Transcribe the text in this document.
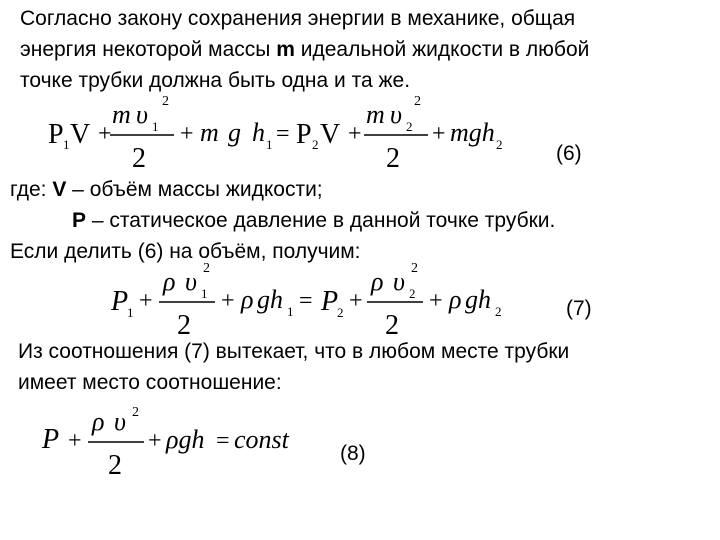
Согласно закону сохранения энергии в механике, общая
энергия некоторой массы m идеальной жидкости в любой
точке трубки должна быть одна и та же.
P 1 V +
m υ 1
2
2
+ m g h 1 = P 2 V +
m υ 2
2
2
+ mgh 2	(6)
где: V – объём массы жидкости;
P – статическое давление в данной точке трубки.
Если делить (6) на объём, получим:
P
1 +
ρ υ 1
2
2
+ ρ gh 1 = P
2 +
ρ υ 2
2
2
+ ρ gh 2	(7)
Из соотношения (7) вытекает, что в любом месте трубки
имеет место соотношение:
P +
ρ υ 2
2
+ ρgh = const (8)
